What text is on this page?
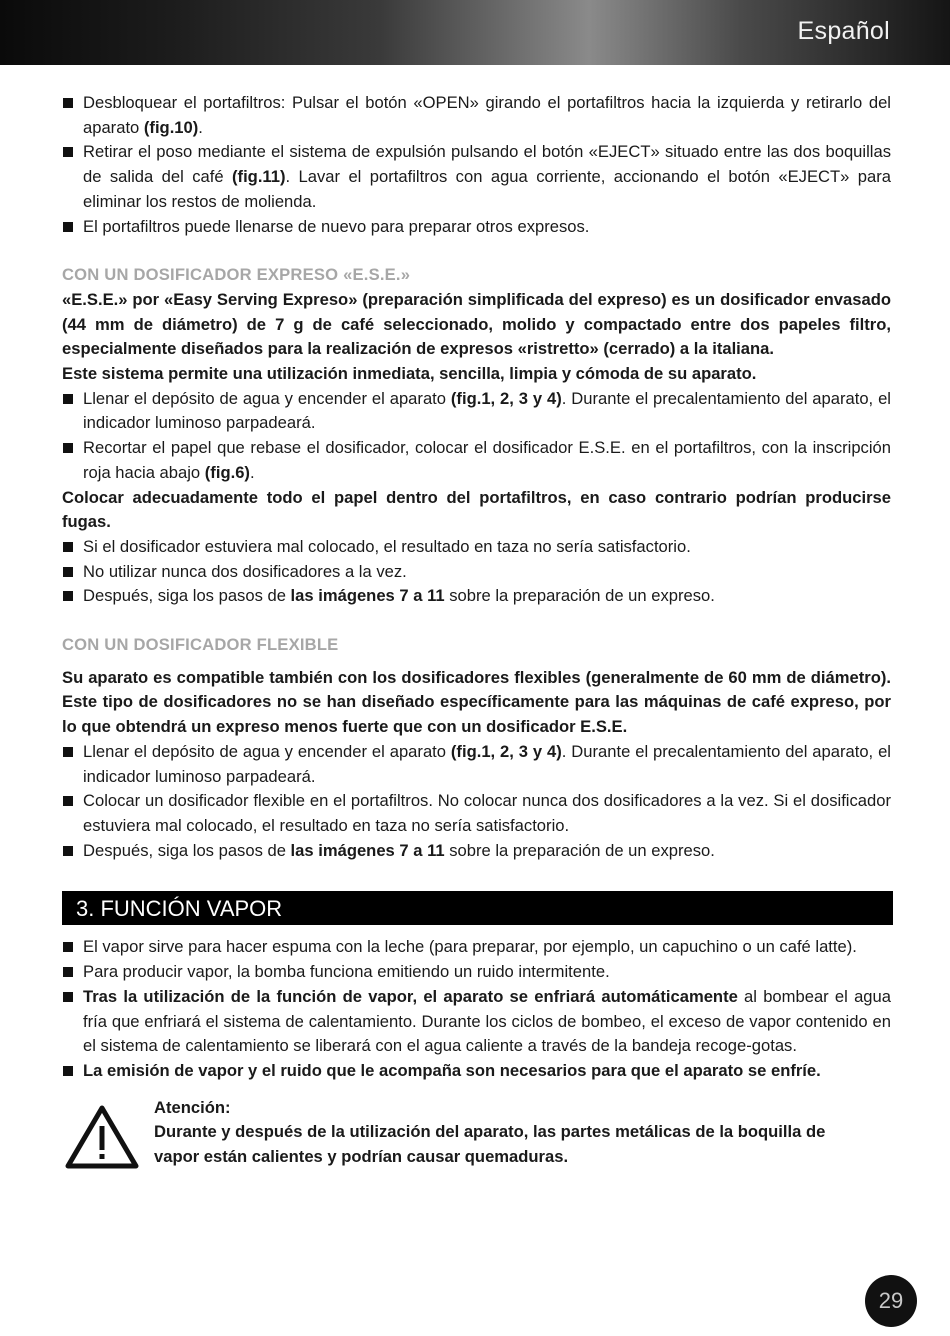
Español

Desbloquear el portafiltros: Pulsar el botón «OPEN» girando el portafiltros hacia la izquierda y retirarlo del aparato (fig.10).

Retirar el poso mediante el sistema de expulsión pulsando el botón «EJECT» situado entre las dos boquillas de salida del café (fig.11). Lavar el portafiltros con agua corriente, accionando el botón «EJECT» para eliminar los restos de molienda.

El portafiltros puede llenarse de nuevo para preparar otros expresos.

CON UN DOSIFICADOR EXPRESO «E.S.E.»

«E.S.E.» por «Easy Serving Expreso» (preparación simplificada del expreso) es un dosificador envasado (44 mm de diámetro) de 7 g de café seleccionado, molido y compactado entre dos papeles filtro, especialmente diseñados para la realización de expresos «ristretto» (cerrado) a la italiana.

Este sistema permite una utilización inmediata, sencilla, limpia y cómoda de su aparato.

Llenar el depósito de agua y encender el aparato (fig.1, 2, 3 y 4). Durante el precalentamiento del aparato, el indicador luminoso parpadeará.

Recortar el papel que rebase el dosificador, colocar el dosificador E.S.E. en el portafiltros, con la inscripción roja hacia abajo (fig.6).

Colocar adecuadamente todo el papel dentro del portafiltros, en caso contrario podrían producirse fugas.

Si el dosificador estuviera mal colocado, el resultado en taza no sería satisfactorio.

No utilizar nunca dos dosificadores a la vez.

Después, siga los pasos de las imágenes 7 a 11 sobre la preparación de un expreso.

CON UN DOSIFICADOR FLEXIBLE

Su aparato es compatible también con los dosificadores flexibles (generalmente de 60 mm de diámetro). Este tipo de dosificadores no se han diseñado específicamente para las máquinas de café expreso, por lo que obtendrá un expreso menos fuerte que con un dosificador E.S.E.

Llenar el depósito de agua y encender el aparato (fig.1, 2, 3 y 4). Durante el precalentamiento del aparato, el indicador luminoso parpadeará.

Colocar un dosificador flexible en el portafiltros. No colocar nunca dos dosificadores a la vez. Si el dosificador estuviera mal colocado, el resultado en taza no sería satisfactorio.

Después, siga los pasos de las imágenes 7 a 11 sobre la preparación de un expreso.

3. FUNCIÓN VAPOR

El vapor sirve para hacer espuma con la leche (para preparar, por ejemplo, un capuchino o un café latte).

Para producir vapor, la bomba funciona emitiendo un ruido intermitente.

Tras la utilización de la función de vapor, el aparato se enfriará automáticamente al bombear el agua fría que enfriará el sistema de calentamiento. Durante los ciclos de bombeo, el exceso de vapor contenido en el sistema de calentamiento se liberará con el agua caliente a través de la bandeja recoge-gotas.

La emisión de vapor y el ruido que le acompaña son necesarios para que el aparato se enfríe.

Atención:

Durante y después de la utilización del aparato, las partes metálicas de la boquilla de vapor están calientes y podrían causar quemaduras.

29
